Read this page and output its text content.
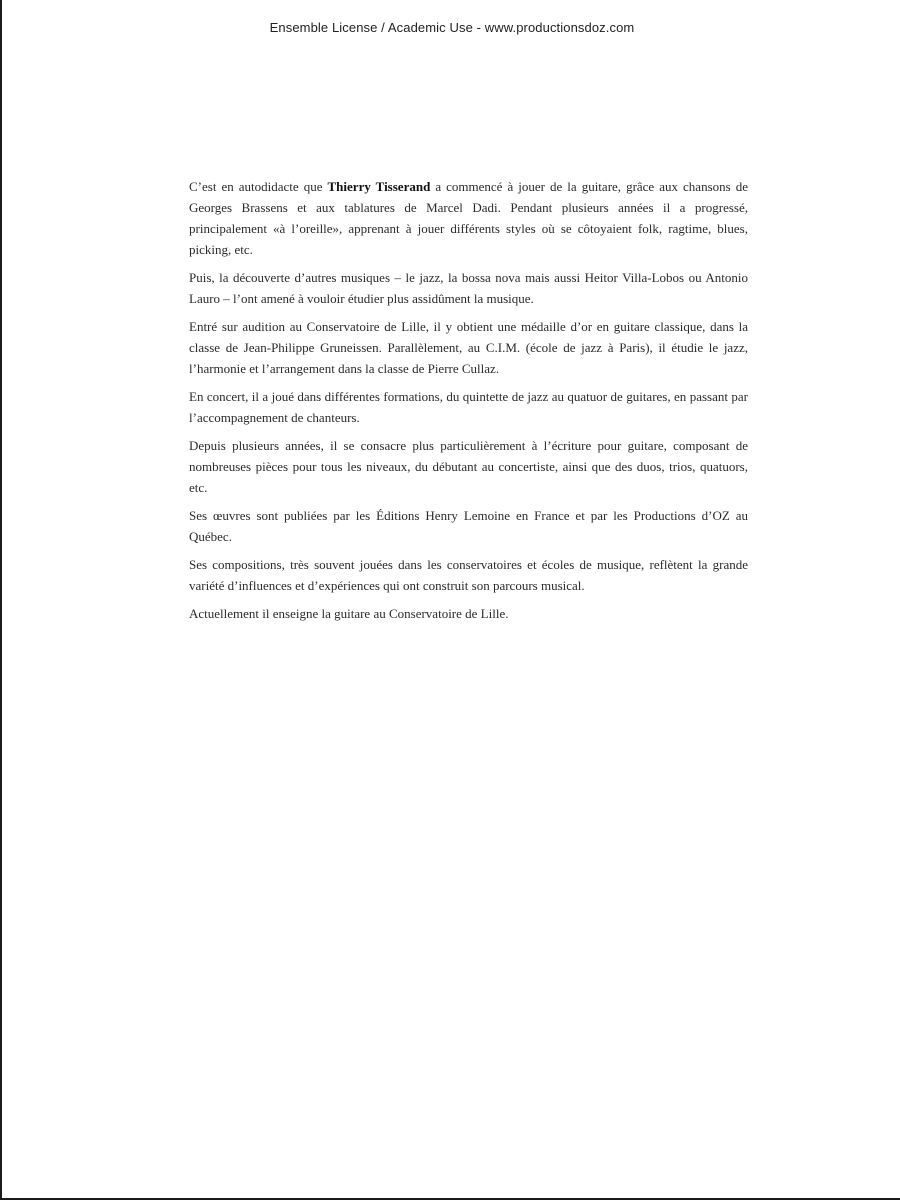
Ensemble License / Academic Use - www.productionsdoz.com

C’est en autodidacte que Thierry Tisserand a commencé à jouer de la guitare, grâce aux chansons de Georges Brassens et aux tablatures de Marcel Dadi. Pendant plusieurs années il a progressé, principalement «à l’oreille», apprenant à jouer différents styles où se côtoyaient folk, ragtime, blues, picking, etc.

Puis, la découverte d’autres musiques – le jazz, la bossa nova mais aussi Heitor Villa-Lobos ou Antonio Lauro – l’ont amené à vouloir étudier plus assidûment la musique.

Entré sur audition au Conservatoire de Lille, il y obtient une médaille d’or en guitare classique, dans la classe de Jean-Philippe Gruneissen. Parallèlement, au C.I.M. (école de jazz à Paris), il étudie le jazz, l’harmonie et l’arrangement dans la classe de Pierre Cullaz.

En concert, il a joué dans différentes formations, du quintette de jazz au quatuor de guitares, en passant par l’accompagnement de chanteurs.

Depuis plusieurs années, il se consacre plus particulièrement à l’écriture pour guitare, composant de nombreuses pièces pour tous les niveaux, du débutant au concertiste, ainsi que des duos, trios, quatuors, etc.

Ses œuvres sont publiées par les Éditions Henry Lemoine en France et par les Productions d’OZ au Québec.

Ses compositions, très souvent jouées dans les conservatoires et écoles de musique, reflètent la grande variété d’influences et d’expériences qui ont construit son parcours musical.

Actuellement il enseigne la guitare au Conservatoire de Lille.
